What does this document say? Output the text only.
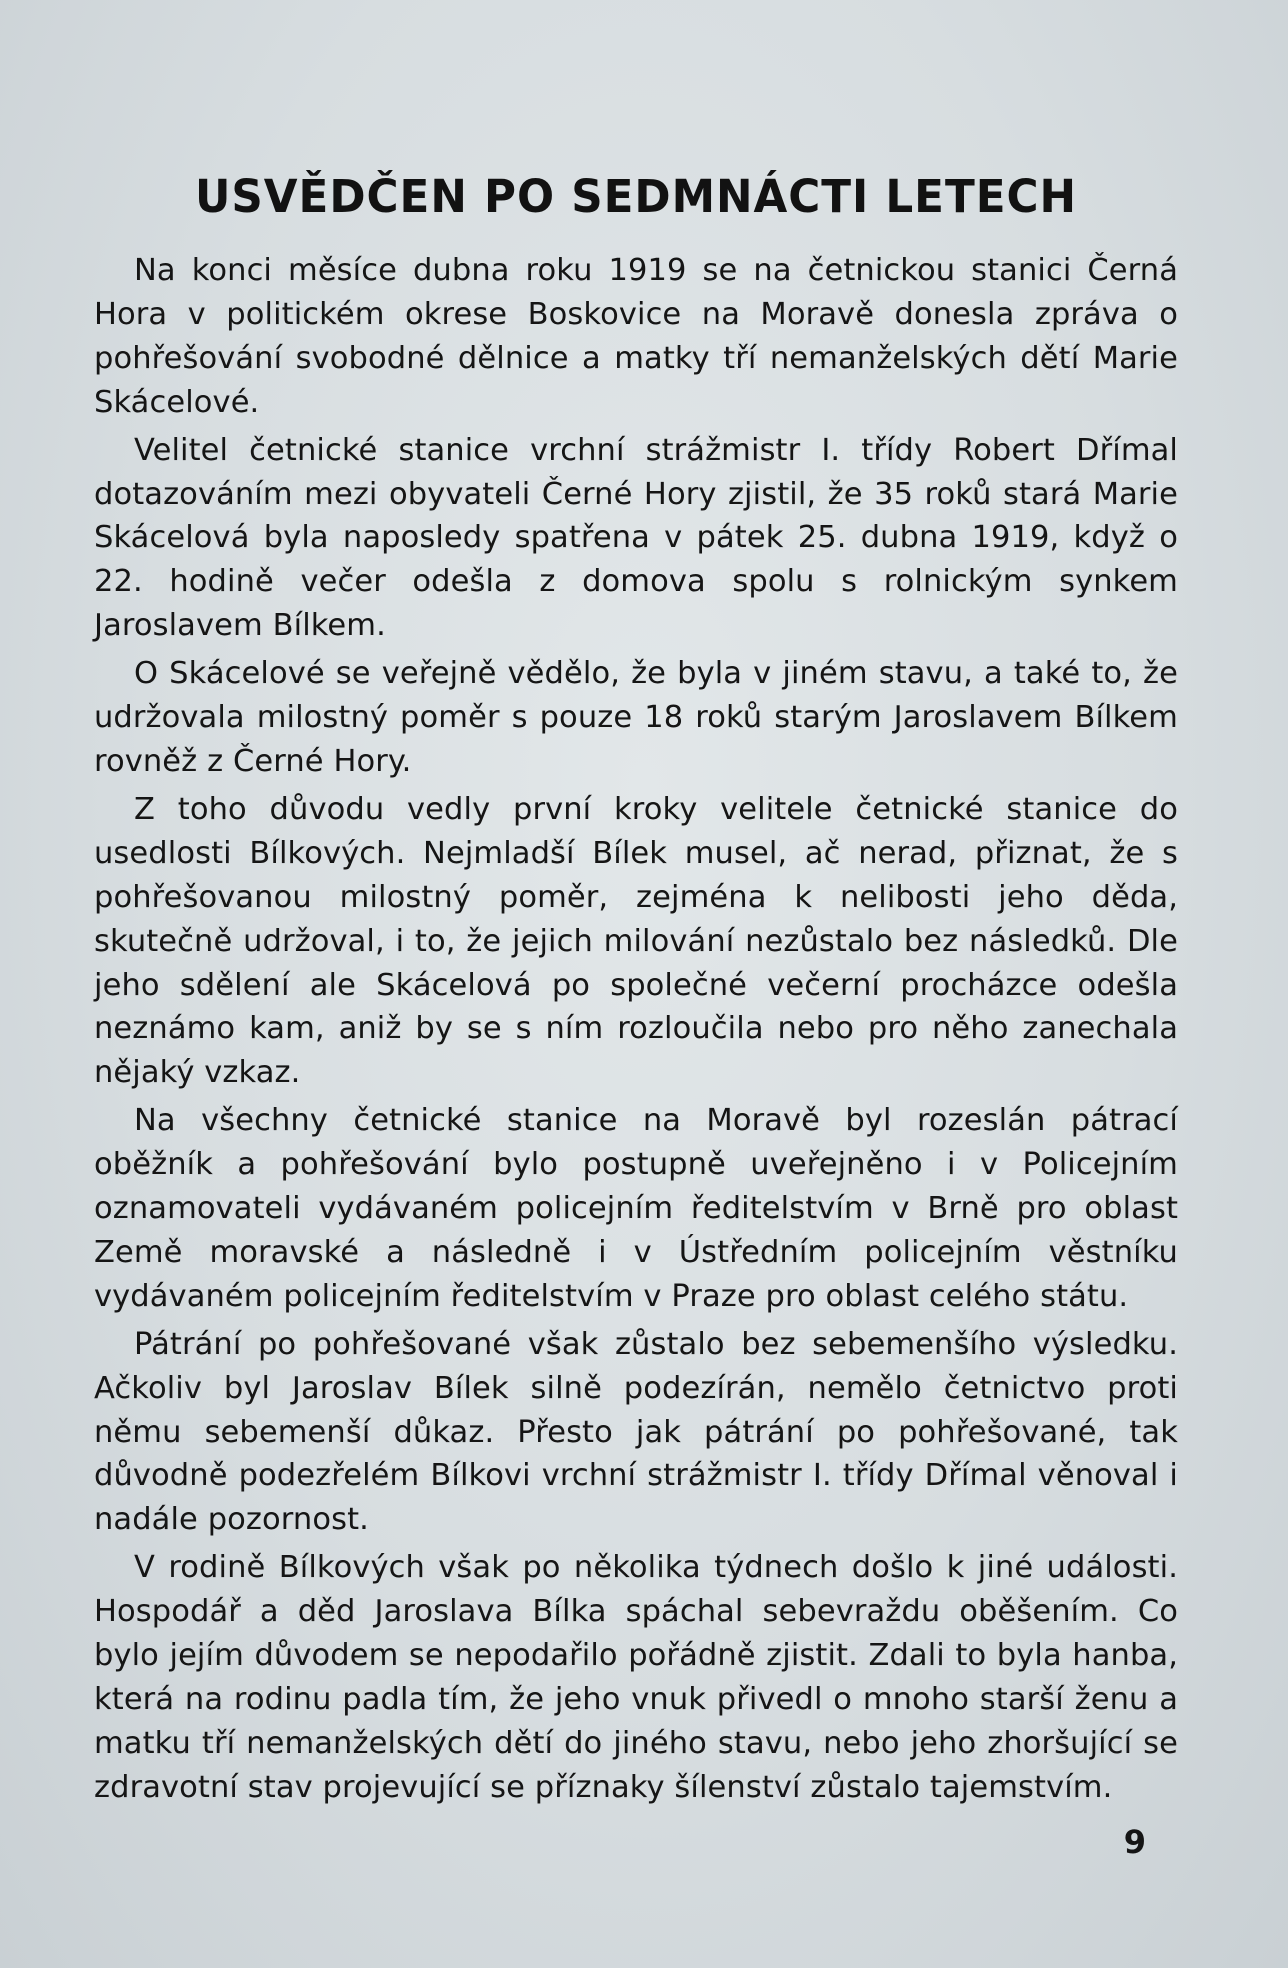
USVĚDČEN PO SEDMNÁCTI LETECH

Na konci měsíce dubna roku 1919 se na četnickou stanici Černá Hora v politickém okrese Boskovice na Moravě donesla zpráva o pohřešování svobodné dělnice a matky tří nemanželských dětí Marie Skácelové.

Velitel četnické stanice vrchní strážmistr I. třídy Robert Dřímal dotazováním mezi obyvateli Černé Hory zjistil, že 35 roků stará Marie Skácelová byla naposledy spatřena v pátek 25. dubna 1919, když o 22. hodině večer odešla z domova spolu s rolnickým synkem Jaroslavem Bílkem.

O Skácelové se veřejně vědělo, že byla v jiném stavu, a také to, že udržovala milostný poměr s pouze 18 roků starým Jaroslavem Bílkem rovněž z Černé Hory.

Z toho důvodu vedly první kroky velitele četnické stanice do usedlosti Bílkových. Nejmladší Bílek musel, ač nerad, přiznat, že s pohřešovanou milostný poměr, zejména k nelibosti jeho děda, skutečně udržoval, i to, že jejich milování nezůstalo bez následků. Dle jeho sdělení ale Skácelová po společné večerní procházce odešla neznámo kam, aniž by se s ním rozloučila nebo pro něho zanechala nějaký vzkaz.

Na všechny četnické stanice na Moravě byl rozeslán pátrací oběžník a pohřešování bylo postupně uveřejněno i v Policejním oznamovateli vydávaném policejním ředitelstvím v Brně pro oblast Země moravské a následně i v Ústředním policejním věstníku vydávaném policejním ředitelstvím v Praze pro oblast celého státu.

Pátrání po pohřešované však zůstalo bez sebemenšího výsledku. Ačkoliv byl Jaroslav Bílek silně podezírán, nemělo četnictvo proti němu sebemenší důkaz. Přesto jak pátrání po pohřešované, tak důvodně podezřelém Bílkovi vrchní strážmistr I. třídy Dřímal věnoval i nadále pozornost.

V rodině Bílkových však po několika týdnech došlo k jiné události. Hospodář a děd Jaroslava Bílka spáchal sebevraždu oběšením. Co bylo jejím důvodem se nepodařilo pořádně zjistit. Zdali to byla hanba, která na rodinu padla tím, že jeho vnuk přivedl o mnoho starší ženu a matku tří nemanželských dětí do jiného stavu, nebo jeho zhoršující se zdravotní stav projevující se příznaky šílenství zůstalo tajemstvím.

9
